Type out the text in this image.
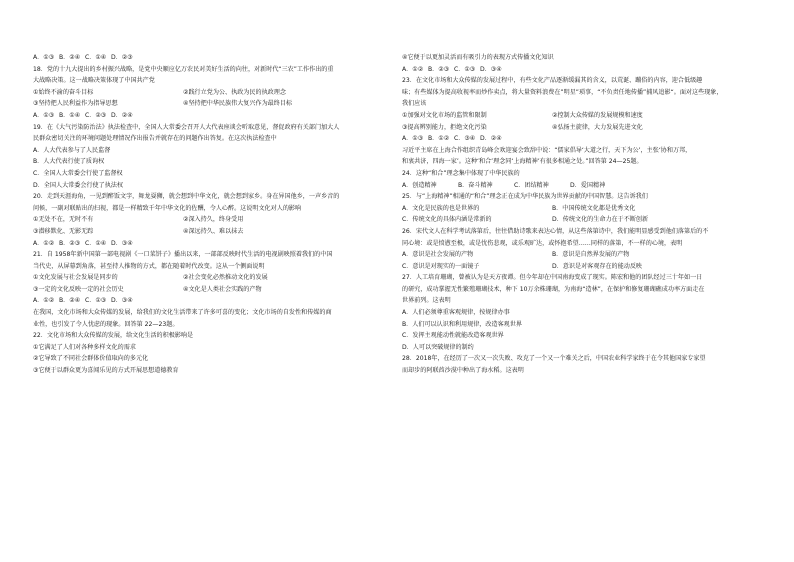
A．①③ B．②④ C．①④ D．②③
18．党的十九大提出的乡村振兴战略，是党中央顺应亿万农民对美好生活的向往，对新时代“三农”工作作出的重
大战略决策。这一战略决策体现了中国共产党
①始终不渝的奋斗目标	②践行立党为公、执政为民的执政理念
③坚持把人民利益作为指导思想	④坚持把中华民族伟大复兴作为最终目标
A．①③ B．①④ C．②③ D．②④
19．在《大气污染防治法》执法检查中，全国人大常委会召开人大代表座谈会听取意见，督促政府有关部门加大人
民群众密切关注的环境问题处理情况作出报告并就存在的问题作出答复。在这次执法检查中
A．人大代表参与了人民监督
B．人大代表行使了质询权
C．全国人大常委会行使了监督权
D．全国人大常委会行使了执法权
20．走到天涯海角，一见到醉饭文字，舞龙耍狮，就会想到中华文化，就会想到家乡。身在异国他乡，一声乡音的
问候，一副对联贴出的扫视，都是一样精致千年中华文化的佐酬，令人心醉。这说明文化对人的影响
①无处不在，无时不有	②深入持久，终身受用
③潜移默化、无影无踪	④深远持久、难以抹去
A．①② B．②③ C．①④ D．③④
21．自 1958年新中国第一部电视剧《一口菜饼子》播出以来，一部部反映时代生活的电视剧映照着我们的中国
当代史，从屏幕到角落，甚至持人推物的方式，都在随着时代改变。这从一个侧面说明
①文化发展与社会发展是同步的	②社会变化必然推动文化的发展
③一定的文化反映一定的社会历史	④文化是人类社会实践的产物
A．①② B．②④ C．①③ D．③④
在我国，文化市场和大众传媒的发展，给我们的文化生活带来了许多可喜的变化；文化市场的自发性和传媒的商
业性，也引发了令人忧虑的现象。回答第 22—23题。
22．文化市场和大众传媒的发展，给文化生活的积极影响是
①它满足了人们对各种多样文化的需求
②它导致了不同社会群体价值取向的多元化
③它便于以群众更为喜闻乐见的方式开展思想道德教育
④它便于以更加灵活而有吸引力的表现方式传播文化知识
A．①② B．②③ C．①③ D．③④
23．在文化市场和大众传媒的发展过程中，有些文化产品逐渐缓漏其的含义，以荒诞、蹦俗的内容，迎合低级趣
味；有些媒体为提高收视率而炒作卖点，将大量资料浪费在”明星”琐事，“不负责任地传播”捕风追影“。面对这些现象，
我们应该
①加强对文化市场的监管和限制	②控制大众传媒的发展规模和速度
③提高辨别能力，拒绝文化污染	④弘扬主旋律，大力发展先进文化
A．①③ B．①② C．③④ D．②④
习近平主席在上海合作组织青岛峰会欢迎宴会致辞中说：“儒家倡导‘大道之行，天下为公’，主张‘协和万邦，
和衷共济，四海一家’。这种‘和合’理念同‘上海精神’有很多相通之处。”回答第 24—25题。
24．这种“和合”理念集中体现了中华民族的
A．创造精神	B．奋斗精神	C．团结精神	D．爱国精神
25．与“上海精神”相通的“和合”理念正在成为中华民族为世界贡献的中国智慧。这告诉我们
A．文化是民族的也是世界的	B．中国传统文化都是优秀文化
C．传统文化的具体内涵是常新的	D．传统文化的生命力在于不断创新
26．宋代文人在科学考试落第后，往往借助诗歌来表达心情，从这些落第诗中，我们能明显感受到他们落第后的不
同心境：或是愤懑至极，或是忧伤悲观，或乐观旷达，或怀抱希望……同样的落第，不一样的心境，表明
A．意识是社会发展的产物	B．意识是自然界发展的产物
C．意识是对现实的一面镜子	D．意识是对客观存在的能动反映
27．人工培育珊瑚，曾被认为是天方夜谭。但今年却在中国南海变成了现实。陈宏和他的团队经过三十年如一日
的研究，成功掌握无性繁殖珊瑚技术，种下 10万余株珊瑚，为南海“造林”，在保护和修复珊瑚礁成功率方面走在
世界前列。这表明
A．人们必须尊重客观规律，按规律办事
B．人们可以认识和利用规律，改造客观世界
C．发挥主观能动性就能改造客观世界
D．人可以突破规律的制约
28．2018年，在经历了一次又一次失败、攻克了一个又一个难关之后，中国农业科学家终于在令其他国家专家望
而却步的阿联酋沙漠中种出了海水稻。这表明
